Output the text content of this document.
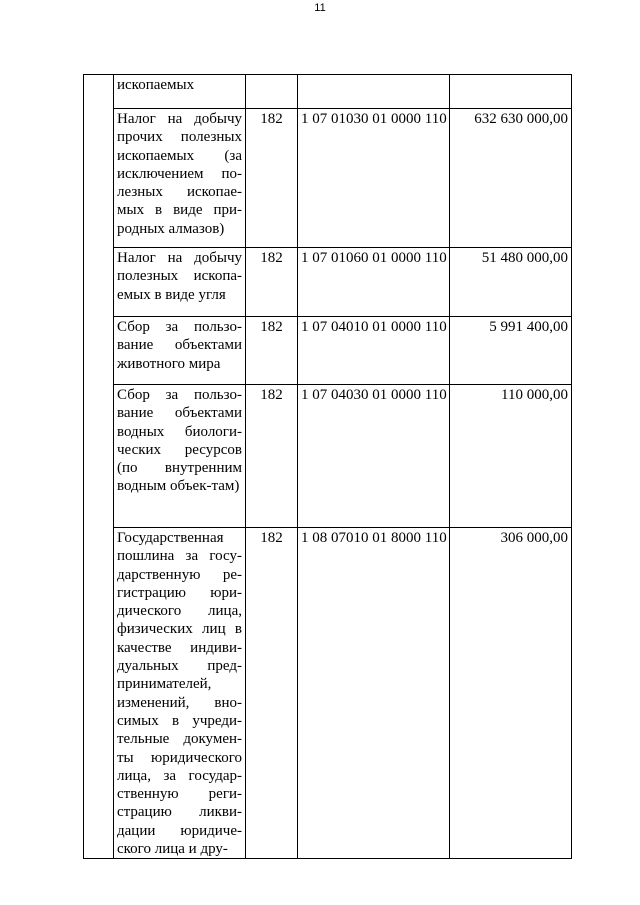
11

	ископаемых			

	Налог на добычу прочих полезных ископаемых (за исключением по-лезных ископае-мых в виде при-родных алмазов)	182	1 07 01030 01 0000 110	632 630 000,00

	Налог на добычу полезных ископа-емых в виде угля	182	1 07 01060 01 0000 110	51 480 000,00

	Сбор за пользо-вание объектами животного мира	182	1 07 04010 01 0000 110	5 991 400,00

	Сбор за пользо-вание объектами водных биологи-ческих ресурсов (по внутренним водным объек-там)	182	1 07 04030 01 0000 110	110 000,00

	Государственная пошлина за госу-дарственную ре-гистрацию юри-дического лица, физических лиц в качестве индиви-дуальных пред-принимателей, изменений, вно-симых в учреди-тельные докумен-ты юридического лица, за государ-ственную реги-страцию ликви-дации юридиче-ского лица и дру-	182	1 08 07010 01 8000 110	306 000,00
